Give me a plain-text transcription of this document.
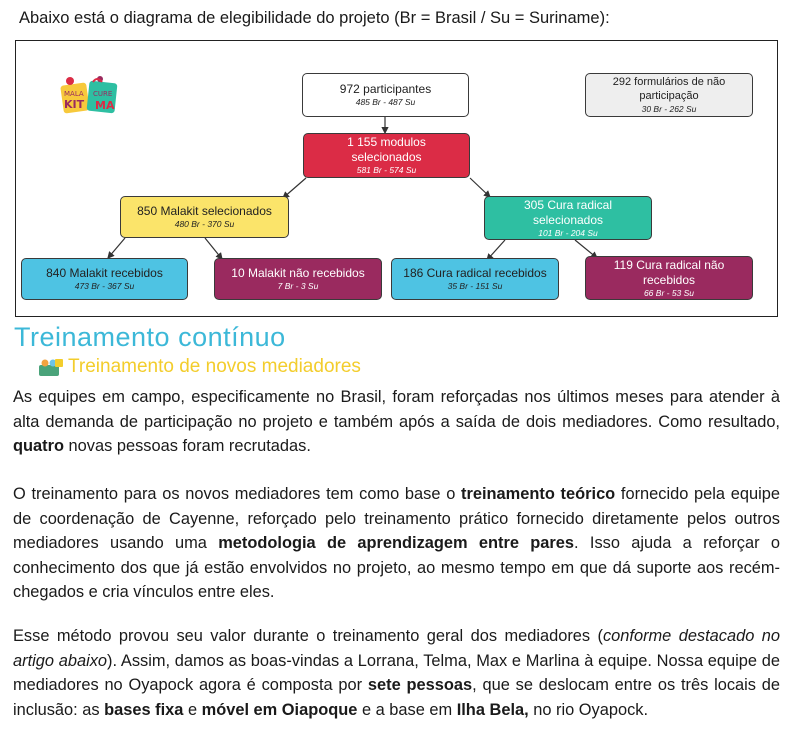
Abaixo está o diagrama de elegibilidade do projeto (Br = Brasil / Su = Suriname):
MALA CURE
KIT MA
972 participantes
485 Br - 487 Su
292 formulários de não participação
30 Br - 262 Su
1 155 modulos selecionados
581 Br - 574 Su
850 Malakit selecionados
480 Br - 370 Su
305 Cura radical selecionados
101 Br - 204 Su
840 Malakit recebidos
473 Br - 367 Su
10 Malakit não recebidos
7 Br - 3 Su
186 Cura radical recebidos
35 Br - 151 Su
119 Cura radical não recebidos
66 Br - 53 Su
Treinamento contínuo
Treinamento de novos mediadores

As equipes em campo, especificamente no Brasil, foram reforçadas nos últimos meses para atender à alta demanda de participação no projeto e também após a saída de dois mediadores. Como resultado, quatro novas pessoas foram recrutadas.

O treinamento para os novos mediadores tem como base o treinamento teórico fornecido pela equipe de coordenação de Cayenne, reforçado pelo treinamento prático fornecido diretamente pelos outros mediadores usando uma metodologia de aprendizagem entre pares. Isso ajuda a reforçar o conhecimento dos que já estão envolvidos no projeto, ao mesmo tempo em que dá suporte aos recém-chegados e cria vínculos entre eles.

Esse método provou seu valor durante o treinamento geral dos mediadores (conforme destacado no artigo abaixo). Assim, damos as boas-vindas a Lorrana, Telma, Max e Marlina à equipe. Nossa equipe de mediadores no Oyapock agora é composta por sete pessoas, que se deslocam entre os três locais de inclusão: as bases fixa e móvel em Oiapoque e a base em Ilha Bela, no rio Oyapock.
